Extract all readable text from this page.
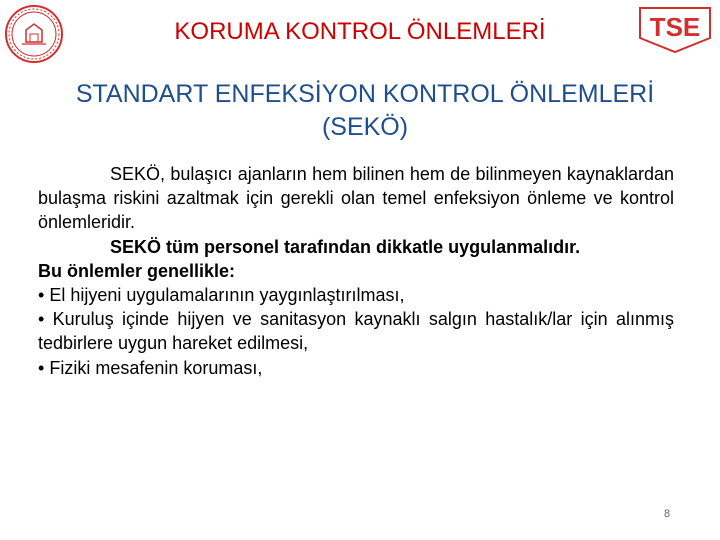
TSE
KORUMA KONTROL ÖNLEMLERİ
STANDART ENFEKSİYON KONTROL ÖNLEMLERİ
(SEKÖ)

SEKÖ, bulaşıcı ajanların hem bilinen hem de bilinmeyen kaynaklardan bulaşma riskini azaltmak için gerekli olan temel enfeksiyon önleme ve kontrol önlemleridir.

SEKÖ tüm personel tarafından dikkatle uygulanmalıdır.

Bu önlemler genellikle:

• El hijyeni uygulamalarının yaygınlaştırılması,

• Kuruluş içinde hijyen ve sanitasyon kaynaklı salgın hastalık/lar için alınmış tedbirlere uygun hareket edilmesi,

• Fiziki mesafenin koruması,

8
